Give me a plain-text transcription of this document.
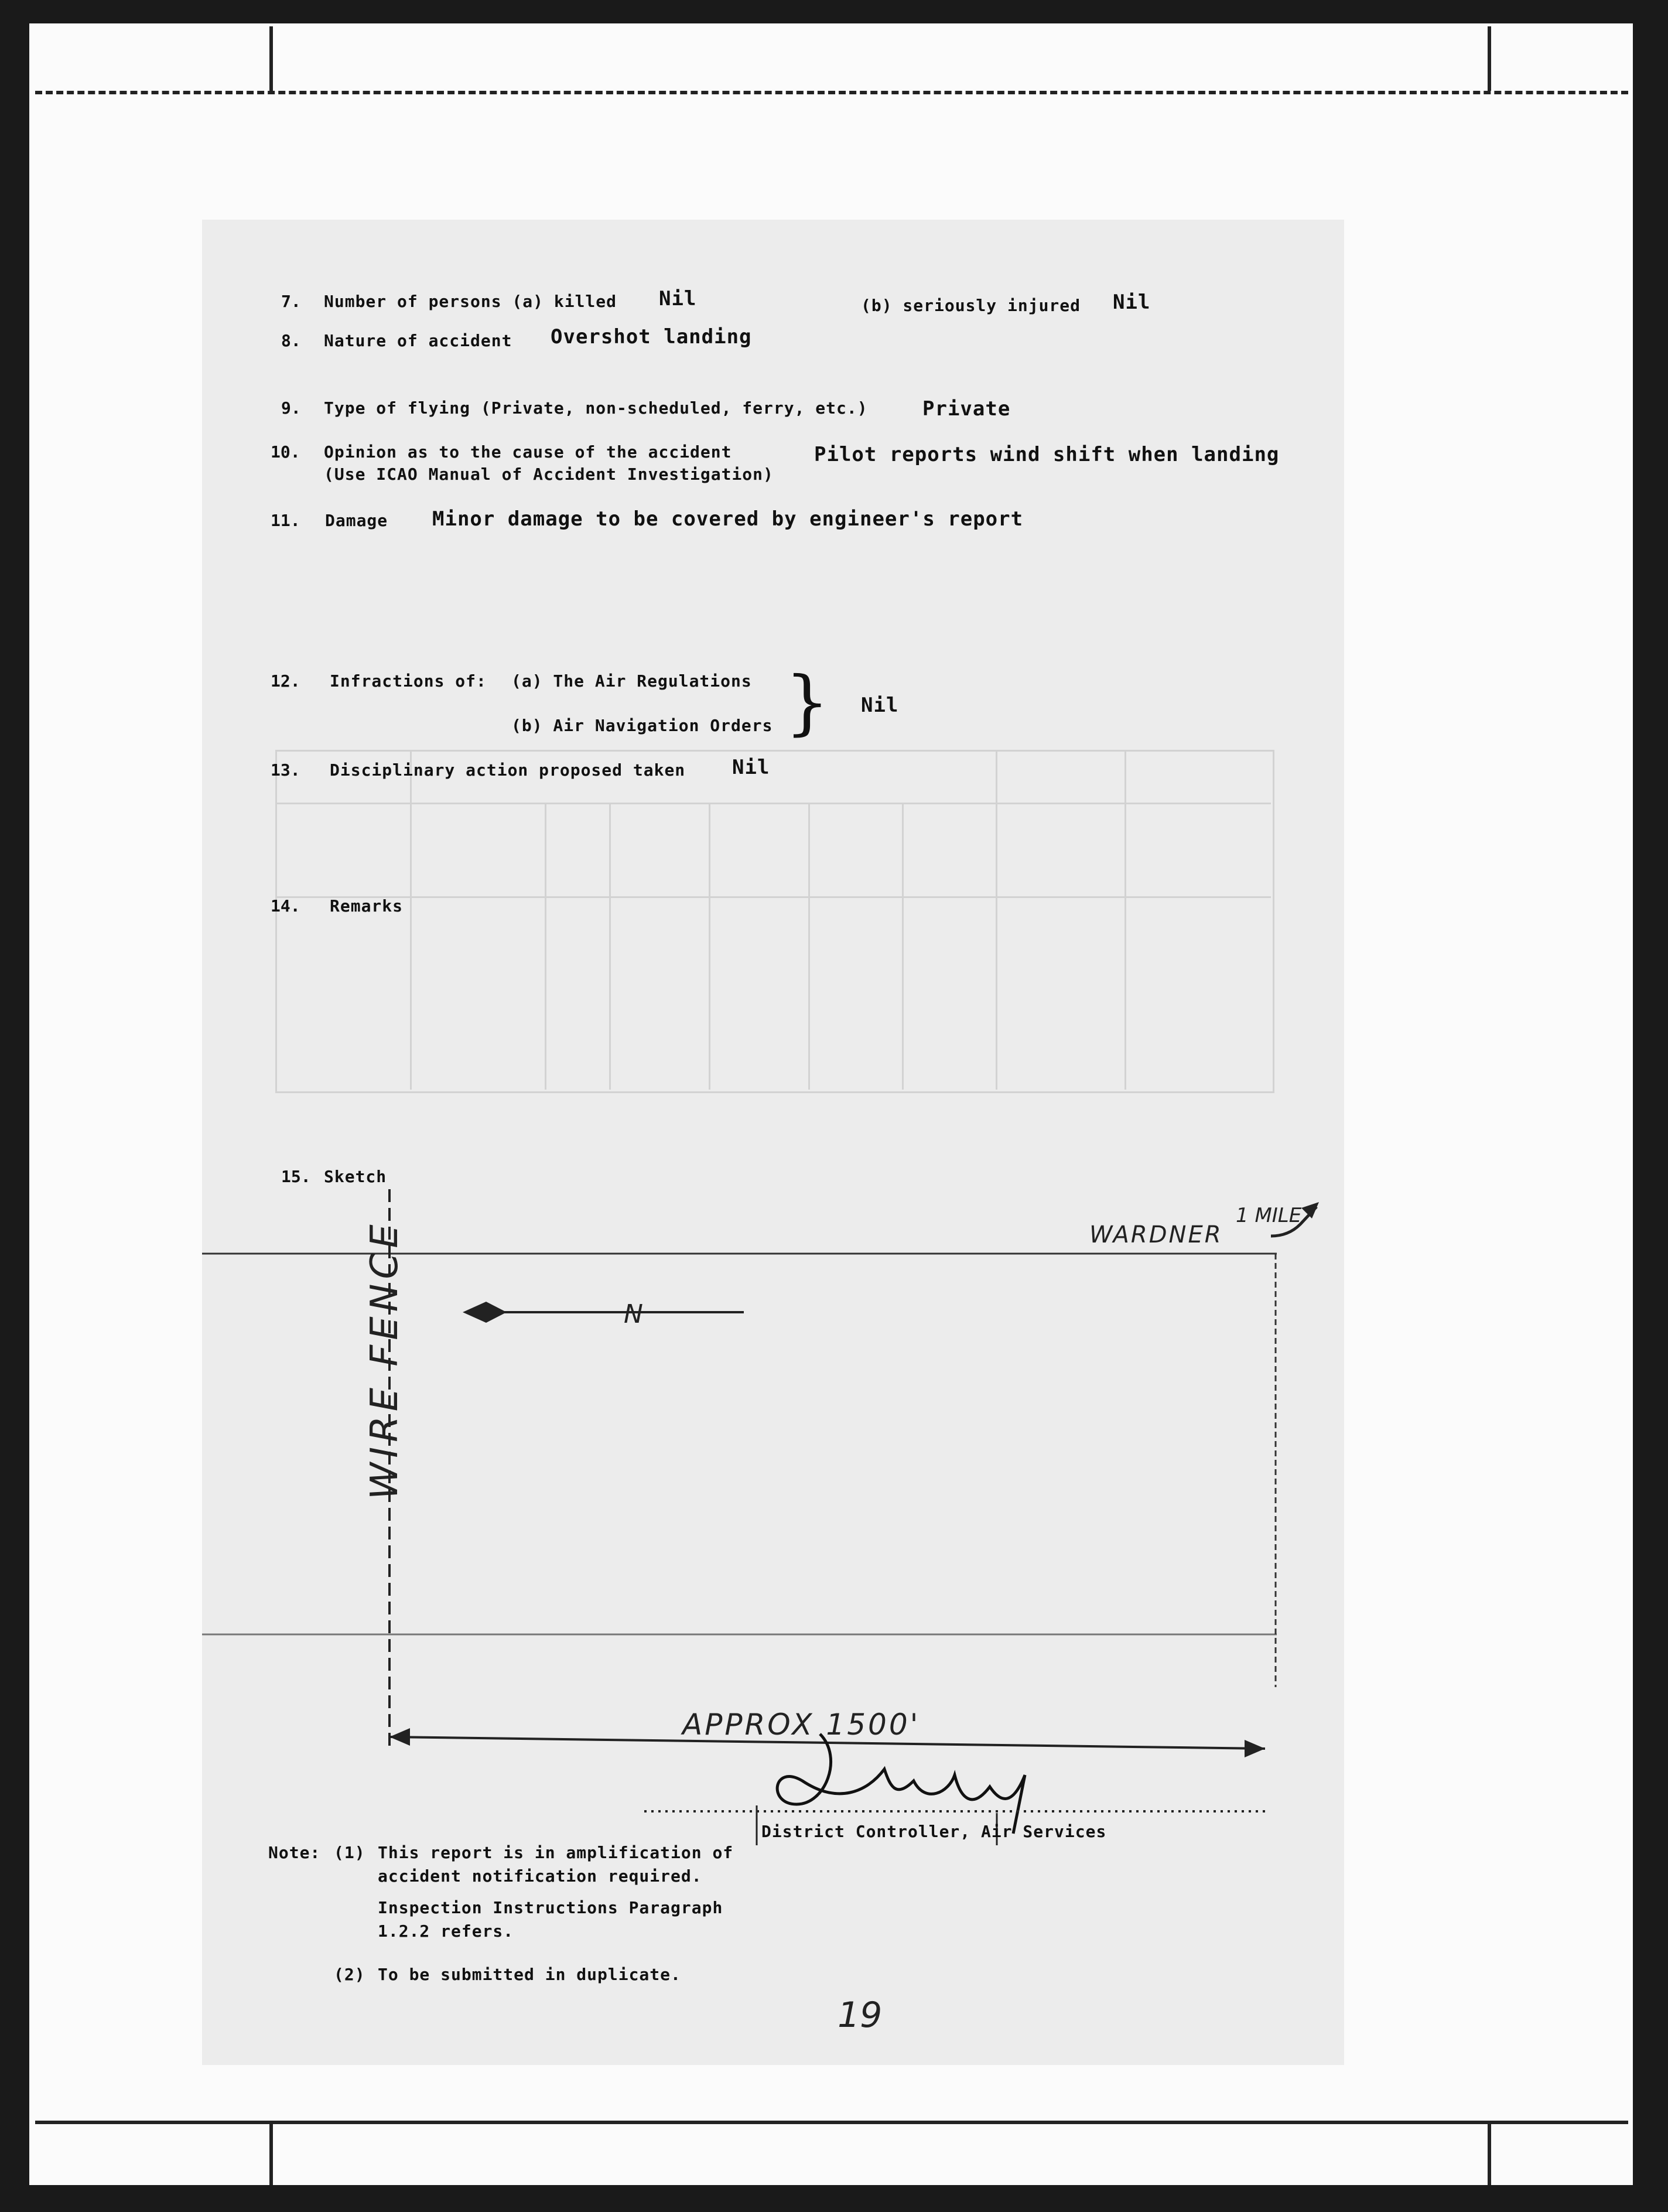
7. Number of persons (a) killed Nil	(b) seriously injured Nil
8. Nature of accident Overshot landing
9. Type of flying (Private, non-scheduled, ferry, etc.)	Private
10. Opinion as to the cause of the accident
(Use ICAO Manual of Accident Investigation)
Pilot reports wind shift when landing
11. Damage Minor damage to be covered by engineer's report
12. Infractions of: (a) The Air Regulations
(b) Air Navigation Orders } Nil
13. Disciplinary action proposed taken Nil
14. Remarks
15. Sketch
N
WIRE FENCE	WARDNER
1 MILE
APPROX 1500'
District Controller, Air Services
Note: (1) This report is in amplification of
accident notification required.
Inspection Instructions Paragraph
1.2.2 refers.
(2) To be submitted in duplicate.
19
